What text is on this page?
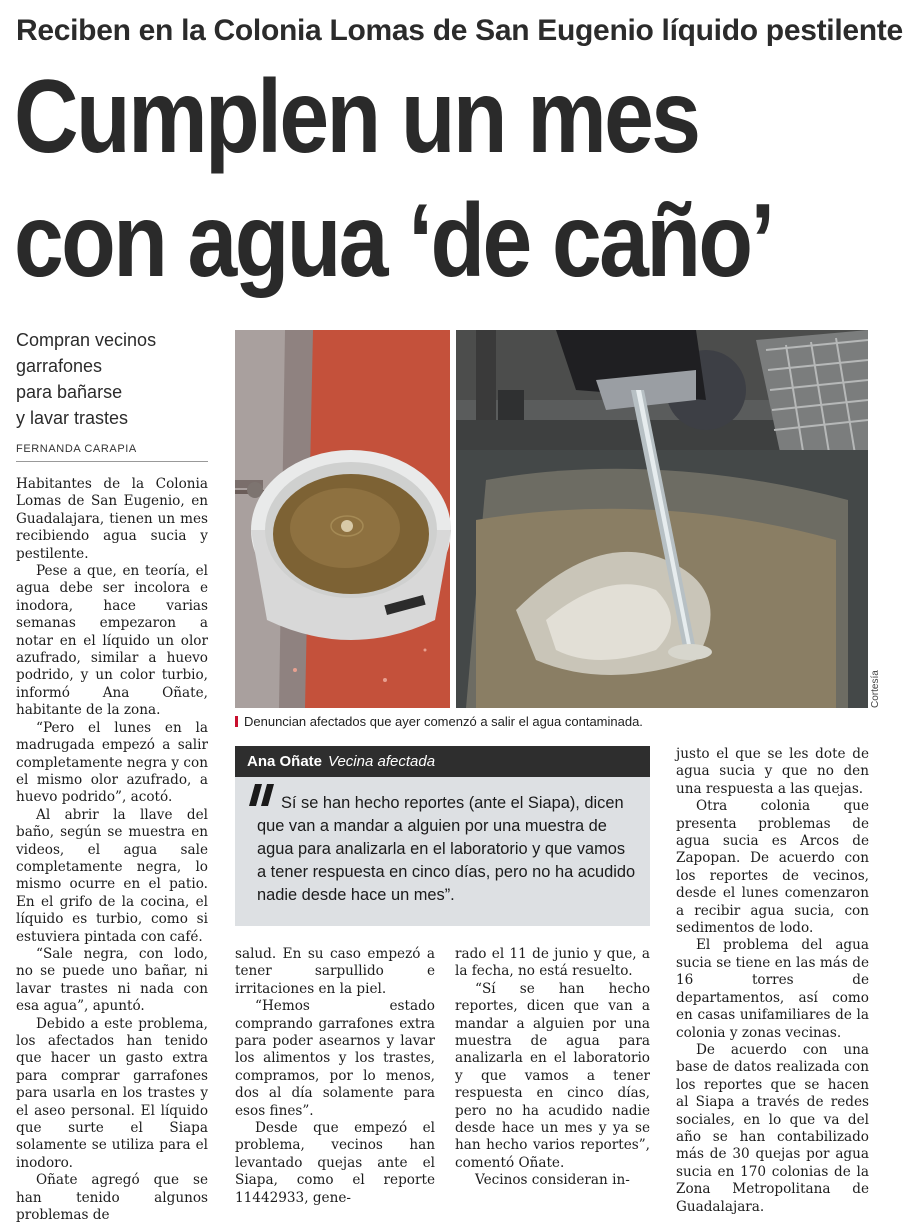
Reciben en la Colonia Lomas de San Eugenio líquido pestilente
Cumplen un mes
con agua ‘de caño’
Compran vecinos
garrafones
para bañarse
y lavar trastes
FERNANDA CARAPIA
Cortesía
Denuncian afectados que ayer comenzó a salir el agua contaminada.

Habitantes de la Colonia Lomas de San Eugenio, en Guadalajara, tienen un mes recibiendo agua sucia y pestilente.

Pese a que, en teoría, el agua debe ser incolora e inodora, hace varias semanas empezaron a notar en el líquido un olor azufrado, similar a huevo podrido, y un color turbio, informó Ana Oñate, habitante de la zona.

“Pero el lunes en la madrugada empezó a salir completamente negra y con el mismo olor azufrado, a huevo podrido”, acotó.

Al abrir la llave del baño, según se muestra en videos, el agua sale completamente negra, lo mismo ocurre en el patio. En el grifo de la cocina, el líquido es turbio, como si estuviera pintada con café.

“Sale negra, con lodo, no se puede uno bañar, ni lavar trastes ni nada con esa agua”, apuntó.

Debido a este problema, los afectados han tenido que hacer un gasto extra para comprar garrafones para usarla en los trastes y el aseo personal. El líquido que surte el Siapa solamente se utiliza para el inodoro.

Oñate agregó que se han tenido algunos problemas de

Ana Oñate Vecina afectada
Sí se han hecho reportes (ante el Siapa), dicen que van a mandar a alguien por una muestra de agua para analizarla en el laboratorio y que vamos a tener respuesta en cinco días, pero no ha acudido nadie desde hace un mes”.

salud. En su caso empezó a tener sarpullido e irritaciones en la piel.

“Hemos estado comprando garrafones extra para poder asearnos y lavar los alimentos y los trastes, compramos, por lo menos, dos al día solamente para esos fines”.

Desde que empezó el problema, vecinos han levantado quejas ante el Siapa, como el reporte 11442933, gene-

rado el 11 de junio y que, a la fecha, no está resuelto.

“Sí se han hecho reportes, dicen que van a mandar a alguien por una muestra de agua para analizarla en el laboratorio y que vamos a tener respuesta en cinco días, pero no ha acudido nadie desde hace un mes y ya se han hecho varios reportes”, comentó Oñate.

Vecinos consideran in-

justo el que se les dote de agua sucia y que no den una respuesta a las quejas.

Otra colonia que presenta problemas de agua sucia es Arcos de Zapopan. De acuerdo con los reportes de vecinos, desde el lunes comenzaron a recibir agua sucia, con sedimentos de lodo.

El problema del agua sucia se tiene en las más de 16 torres de departamentos, así como en casas unifamiliares de la colonia y zonas vecinas.

De acuerdo con una base de datos realizada con los reportes que se hacen al Siapa a través de redes sociales, en lo que va del año se han contabilizado más de 30 quejas por agua sucia en 170 colonias de la Zona Metropolitana de Guadalajara.
